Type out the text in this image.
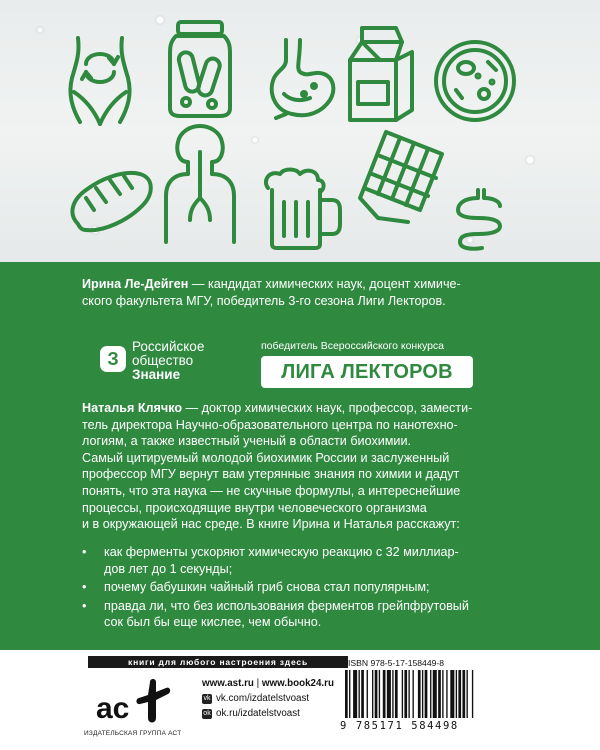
Ирина Ле-Дейген — кандидат химических наук, доцент химиче-
ского факультета МГУ, победитель 3-го сезона Лиги Лекторов.
З
Российское
общество
Знание
победитель Всероссийского конкурса
ЛИГА ЛЕКТОРОВ
Наталья Клячко — доктор химических наук, профессор, замести-
тель директора Научно-образовательного центра по нанотехно-
логиям, а также известный ученый в области биохимии.
Самый цитируемый молодой биохимик России и заслуженный
профессор МГУ вернут вам утерянные знания по химии и дадут
понять, что эта наука — не скучные формулы, а интереснейшие
процессы, происходящие внутри человеческого организма
и в окружающей нас среде. В книге Ирина и Наталья расскажут:
• как ферменты ускоряют химическую реакцию с 32 миллиар-
дов лет до 1 секунды;
• почему бабушкин чайный гриб снова стал популярным;
• правда ли, что без использования ферментов грейпфрутовый
сок был бы еще кислее, чем обычно.
книги для любого настроения здесь
ac
ИЗДАТЕЛЬСКАЯ ГРУППА АСТ
www.ast.ru | www.book24.ru
vk vk.com/izdatelstvoast
ok ok.ru/izdatelstvoast
ISBN 978-5-17-158449-8
9 785171 584498
